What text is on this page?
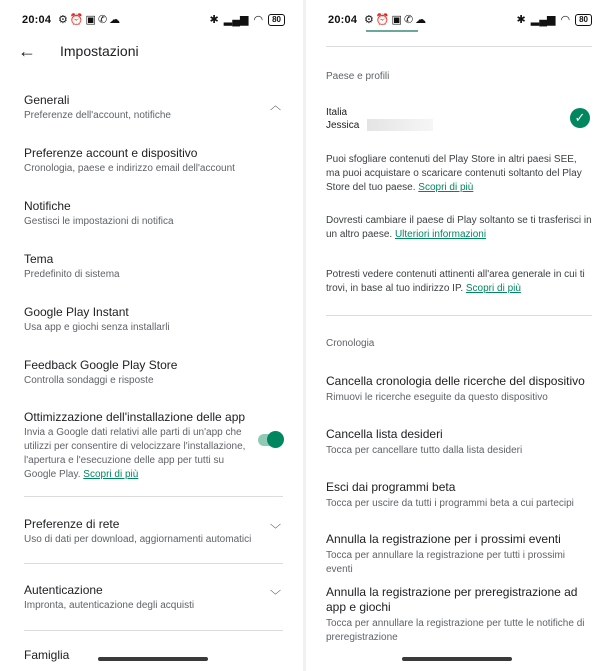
20:04 ⚙⏰▣✆☁	✱ ▂▄▆ ◠	80
← Impostazioni
Generali
Preferenze dell'account, notifiche
︿
Preferenze account e dispositivo
Cronologia, paese e indirizzo email dell'account
Notifiche
Gestisci le impostazioni di notifica
Tema
Predefinito di sistema
Google Play Instant
Usa app e giochi senza installarli
Feedback Google Play Store
Controlla sondaggi e risposte
Ottimizzazione dell'installazione delle app
Invia a Google dati relativi alle parti di un'app che utilizzi per consentire di velocizzare l'installazione, l'apertura e l'esecuzione delle app per tutti su Google Play. Scopri di più
Preferenze di rete
Uso di dati per download, aggiornamenti automatici
﹀
Autenticazione
Impronta, autenticazione degli acquisti
﹀
Famiglia
20:04 ⚙⏰▣✆☁	✱ ▂▄▆ ◠	80
Paese e profili
Italia
Jessica
✓
Puoi sfogliare contenuti del Play Store in altri paesi SEE, ma puoi acquistare o scaricare contenuti soltanto del Play Store del tuo paese. Scopri di più
Dovresti cambiare il paese di Play soltanto se ti trasferisci in un altro paese. Ulteriori informazioni
Potresti vedere contenuti attinenti all'area generale in cui ti trovi, in base al tuo indirizzo IP. Scopri di più
Cronologia
Cancella cronologia delle ricerche del dispositivo
Rimuovi le ricerche eseguite da questo dispositivo
Cancella lista desideri
Tocca per cancellare tutto dalla lista desideri
Esci dai programmi beta
Tocca per uscire da tutti i programmi beta a cui partecipi
Annulla la registrazione per i prossimi eventi
Tocca per annullare la registrazione per tutti i prossimi eventi
Annulla la registrazione per preregistrazione ad app e giochi
Tocca per annullare la registrazione per tutte le notifiche di preregistrazione
